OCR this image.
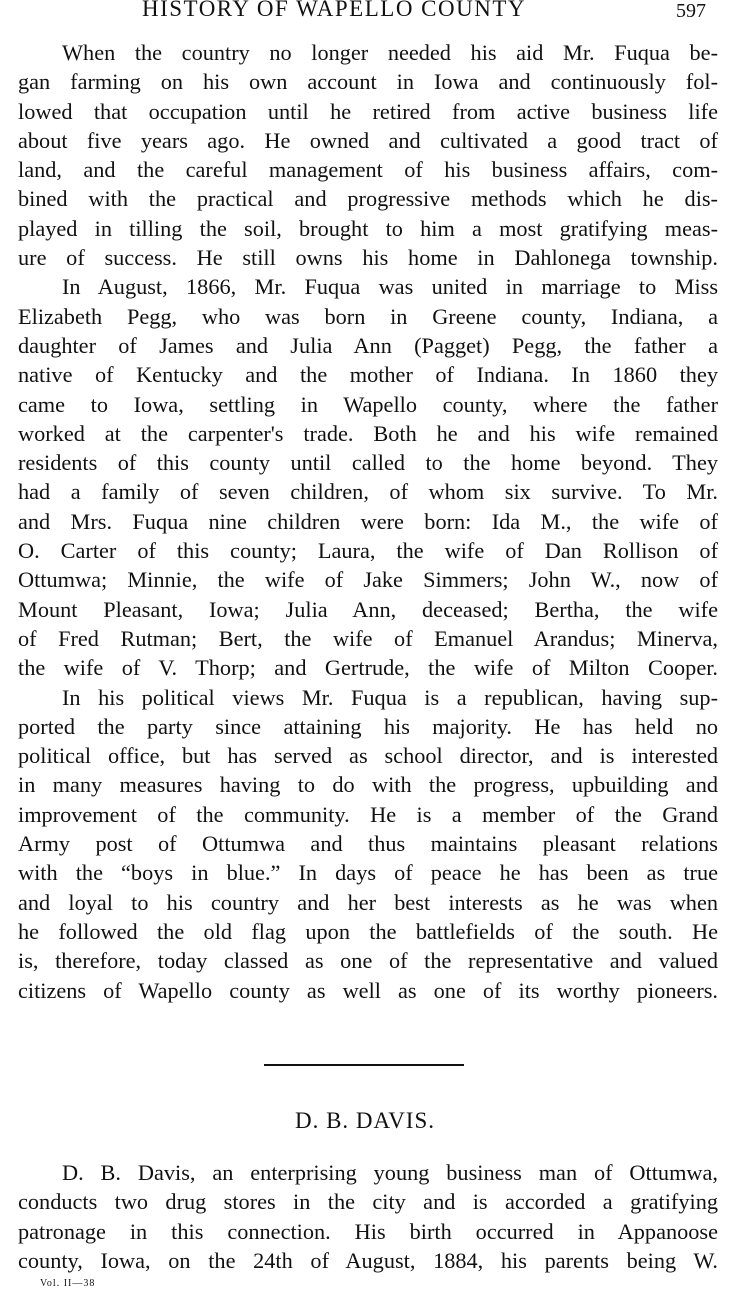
HISTORY OF WAPELLO COUNTY	597
When the country no longer needed his aid Mr. Fuqua be-
gan farming on his own account in Iowa and continuously fol-
lowed that occupation until he retired from active business life
about five years ago. He owned and cultivated a good tract of
land, and the careful management of his business affairs, com-
bined with the practical and progressive methods which he dis-
played in tilling the soil, brought to him a most gratifying meas-
ure of success. He still owns his home in Dahlonega township.
In August, 1866, Mr. Fuqua was united in marriage to Miss
Elizabeth Pegg, who was born in Greene county, Indiana, a
daughter of James and Julia Ann (Pagget) Pegg, the father a
native of Kentucky and the mother of Indiana. In 1860 they
came to Iowa, settling in Wapello county, where the father
worked at the carpenter's trade. Both he and his wife remained
residents of this county until called to the home beyond. They
had a family of seven children, of whom six survive. To Mr.
and Mrs. Fuqua nine children were born: Ida M., the wife of
O. Carter of this county; Laura, the wife of Dan Rollison of
Ottumwa; Minnie, the wife of Jake Simmers; John W., now of
Mount Pleasant, Iowa; Julia Ann, deceased; Bertha, the wife
of Fred Rutman; Bert, the wife of Emanuel Arandus; Minerva,
the wife of V. Thorp; and Gertrude, the wife of Milton Cooper.
In his political views Mr. Fuqua is a republican, having sup-
ported the party since attaining his majority. He has held no
political office, but has served as school director, and is interested
in many measures having to do with the progress, upbuilding and
improvement of the community. He is a member of the Grand
Army post of Ottumwa and thus maintains pleasant relations
with the “boys in blue.” In days of peace he has been as true
and loyal to his country and her best interests as he was when
he followed the old flag upon the battlefields of the south. He
is, therefore, today classed as one of the representative and valued
citizens of Wapello county as well as one of its worthy pioneers.
D. B. DAVIS.
D. B. Davis, an enterprising young business man of Ottumwa,
conducts two drug stores in the city and is accorded a gratifying
patronage in this connection. His birth occurred in Appanoose
county, Iowa, on the 24th of August, 1884, his parents being W.
Vol. II—38
